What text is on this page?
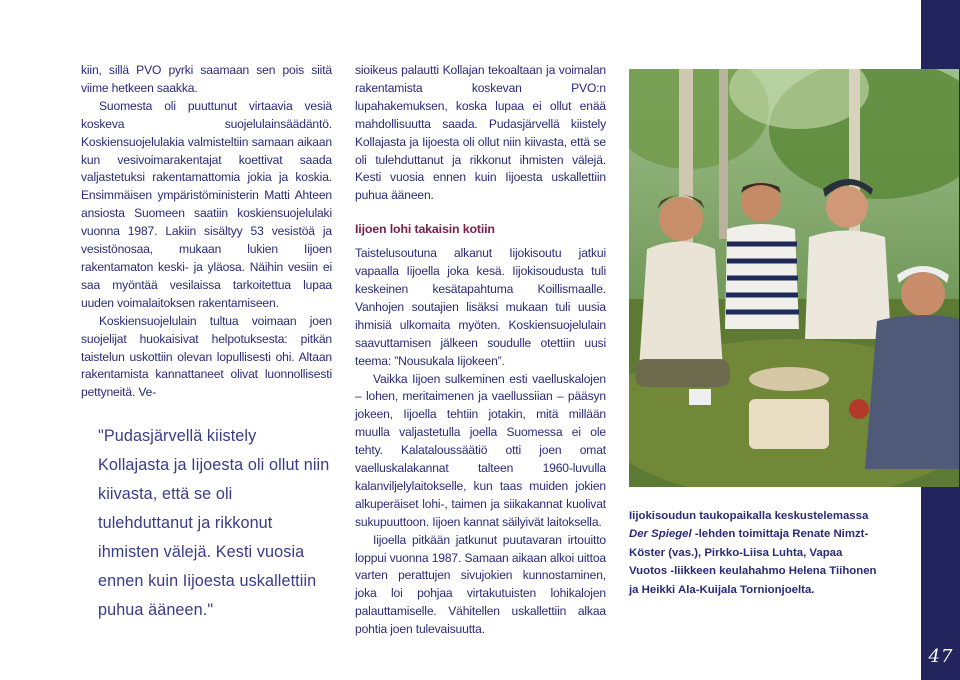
kiin, sillä PVO pyrki saamaan sen pois siitä viime hetkeen saakka.

Suomesta oli puuttunut virtaavia vesiä koskeva suojelulainsäädäntö. Koskiensuojelulakia valmisteltiin samaan aikaan kun vesivoimarakentajat koettivat saada valjastetuksi rakentamattomia jokia ja koskia. Ensimmäisen ympäristöministerin Matti Ahteen ansiosta Suomeen saatiin koskiensuojelulaki vuonna 1987. Lakiin sisältyy 53 vesistöä ja vesistönosaa, mukaan lukien Iijoen rakentamaton keski- ja yläosa. Näihin vesiin ei saa myöntää vesilaissa tarkoitettua lupaa uuden voimalaitoksen rakentamiseen.

Koskiensuojelulain tultua voimaan joen suojelijat huokaisivat helpotuksesta: pitkän taistelun uskottiin olevan lopullisesti ohi. Altaan rakentamista kannattaneet olivat luonnollisesti pettyneitä. Ve-

"Pudasjärvellä kiistely Kollajasta ja Iijoesta oli ollut niin kiivasta, että se oli tulehduttanut ja rikkonut ihmisten välejä. Kesti vuosia ennen kuin Iijoesta uskallettiin puhua ääneen."

sioikeus palautti Kollajan tekoaltaan ja voimalan rakentamista koskevan PVO:n lupahakemuksen, koska lupaa ei ollut enää mahdollisuutta saada. Pudasjärvellä kiistely Kollajasta ja Iijoesta oli ollut niin kiivasta, että se oli tulehduttanut ja rikkonut ihmisten välejä. Kesti vuosia ennen kuin Iijoesta uskallettiin puhua ääneen.

Iijoen lohi takaisin kotiin

Taistelusoutuna alkanut Iijokisoutu jatkui vapaalla Iijoella joka kesä. Iijokisoudusta tuli keskeinen kesätapahtuma Koillismaalle. Vanhojen soutajien lisäksi mukaan tuli uusia ihmisiä ulkomaita myöten. Koskiensuojelulain saavuttamisen jälkeen soudulle otettiin uusi teema: ”Nousukala Iijokeen”.

Vaikka Iijoen sulkeminen esti vaelluskalojen – lohen, meritaimenen ja vaellussiian – pääsyn jokeen, Iijoella tehtiin jotakin, mitä millään muulla valjastetulla joella Suomessa ei ole tehty. Kalataloussäätiö otti joen omat vaelluskalakannat talteen 1960-luvulla kalanviljelylaitokselle, kun taas muiden jokien alkuperäiset lohi-, taimen ja siikakannat kuolivat sukupuuttoon. Iijoen kannat säilyivät laitoksella.

Iijoella pitkään jatkunut puutavaran irtouitto loppui vuonna 1987. Samaan aikaan alkoi uittoa varten perattujen sivujokien kunnostaminen, joka loi pohjaa virtakutuisten lohikalojen palauttamiselle. Vähitellen uskallettiin alkaa pohtia joen tulevaisuutta.

Iijokisoudun taukopaikalla keskustelemassa Der Spiegel -lehden toimittaja Renate Nimzt-Köster (vas.), Pirkko-Liisa Luhta, Vapaa Vuotos -liikkeen keulahahmo Helena Tiihonen ja Heikki Ala-Kuijala Tornionjoelta.
47
